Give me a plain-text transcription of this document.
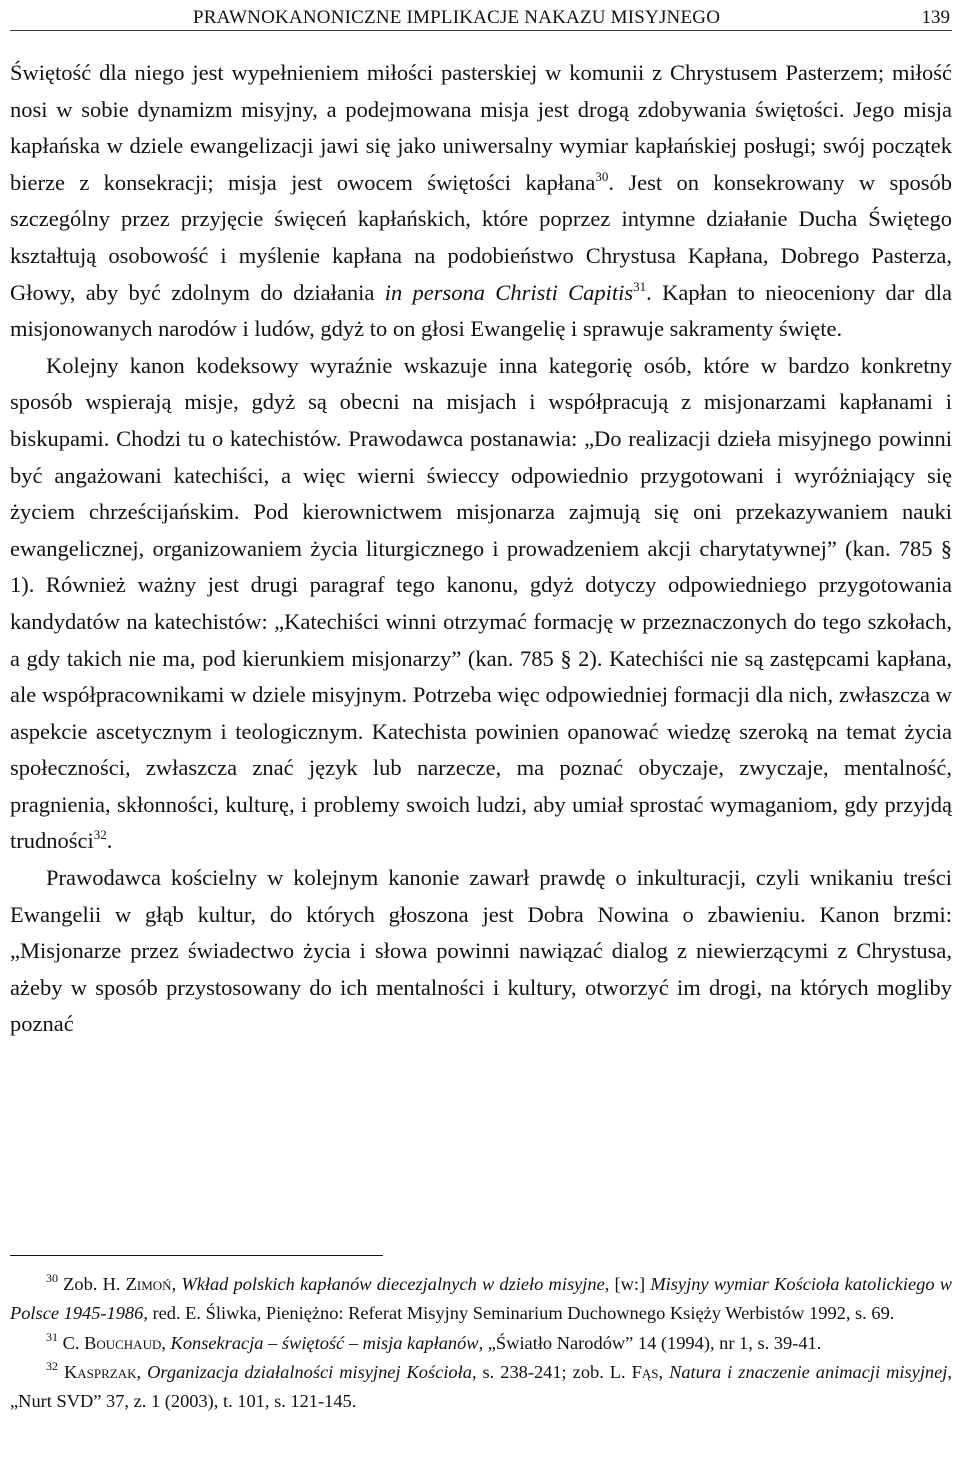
PRAWNOKANONICZNE IMPLIKACJE NAKAZU MISYJNEGO	139

Świętość dla niego jest wypełnieniem miłości pasterskiej w komunii z Chrystusem Pasterzem; miłość nosi w sobie dynamizm misyjny, a podejmowana misja jest drogą zdobywania świętości. Jego misja kapłańska w dziele ewangelizacji jawi się jako uniwersalny wymiar kapłańskiej posługi; swój początek bierze z konsekracji; misja jest owocem świętości kapłana$^{30}$. Jest on konsekrowany w sposób szczególny przez przyjęcie święceń kapłańskich, które poprzez intymne działanie Ducha Świętego kształtują osobowość i myślenie kapłana na podobieństwo Chrystusa Kapłana, Dobrego Pasterza, Głowy, aby być zdolnym do działania in persona Christi Capitis$^{31}$. Kapłan to nieoceniony dar dla misjonowanych narodów i ludów, gdyż to on głosi Ewangelię i sprawuje sakramenty święte.

Kolejny kanon kodeksowy wyraźnie wskazuje inna kategorię osób, które w bardzo konkretny sposób wspierają misje, gdyż są obecni na misjach i współpracują z misjonarzami kapłanami i biskupami. Chodzi tu o katechistów. Prawodawca postanawia: „Do realizacji dzieła misyjnego powinni być angażowani katechiści, a więc wierni świeccy odpowiednio przygotowani i wyróżniający się życiem chrześcijańskim. Pod kierownictwem misjonarza zajmują się oni przekazywaniem nauki ewangelicznej, organizowaniem życia liturgicznego i prowadzeniem akcji charytatywnej” (kan. 785 § 1). Również ważny jest drugi paragraf tego kanonu, gdyż dotyczy odpowiedniego przygotowania kandydatów na katechistów: „Katechiści winni otrzymać formację w przeznaczonych do tego szkołach, a gdy takich nie ma, pod kierunkiem misjonarzy” (kan. 785 § 2). Katechiści nie są zastępcami kapłana, ale współpracownikami w dziele misyjnym. Potrzeba więc odpowiedniej formacji dla nich, zwłaszcza w aspekcie ascetycznym i teologicznym. Katechista powinien opanować wiedzę szeroką na temat życia społeczności, zwłaszcza znać język lub narzecze, ma poznać obyczaje, zwyczaje, mentalność, pragnienia, skłonności, kulturę, i problemy swoich ludzi, aby umiał sprostać wymaganiom, gdy przyjdą trudności$^{32}$.

Prawodawca kościelny w kolejnym kanonie zawarł prawdę o inkulturacji, czyli wnikaniu treści Ewangelii w głąb kultur, do których głoszona jest Dobra Nowina o zbawieniu. Kanon brzmi: „Misjonarze przez świadectwo życia i słowa powinni nawiązać dialog z niewierzącymi z Chrystusa, ażeby w sposób przystosowany do ich mentalności i kultury, otworzyć im drogi, na których mogliby poznać

$^{30}$ Zob. H. Zimoń, Wkład polskich kapłanów diecezjalnych w dzieło misyjne, [w:] Misyjny wymiar Kościoła katolickiego w Polsce 1945-1986, red. E. Śliwka, Pieniężno: Referat Misyjny Seminarium Duchownego Księży Werbistów 1992, s. 69.

$^{31}$ C. Bouchaud, Konsekracja – świętość – misja kapłanów, „Światło Narodów” 14 (1994), nr 1, s. 39-41.

$^{32}$ Kasprzak, Organizacja działalności misyjnej Kościoła, s. 238-241; zob. L. Fąs, Natura i znaczenie animacji misyjnej, „Nurt SVD” 37, z. 1 (2003), t. 101, s. 121-145.
